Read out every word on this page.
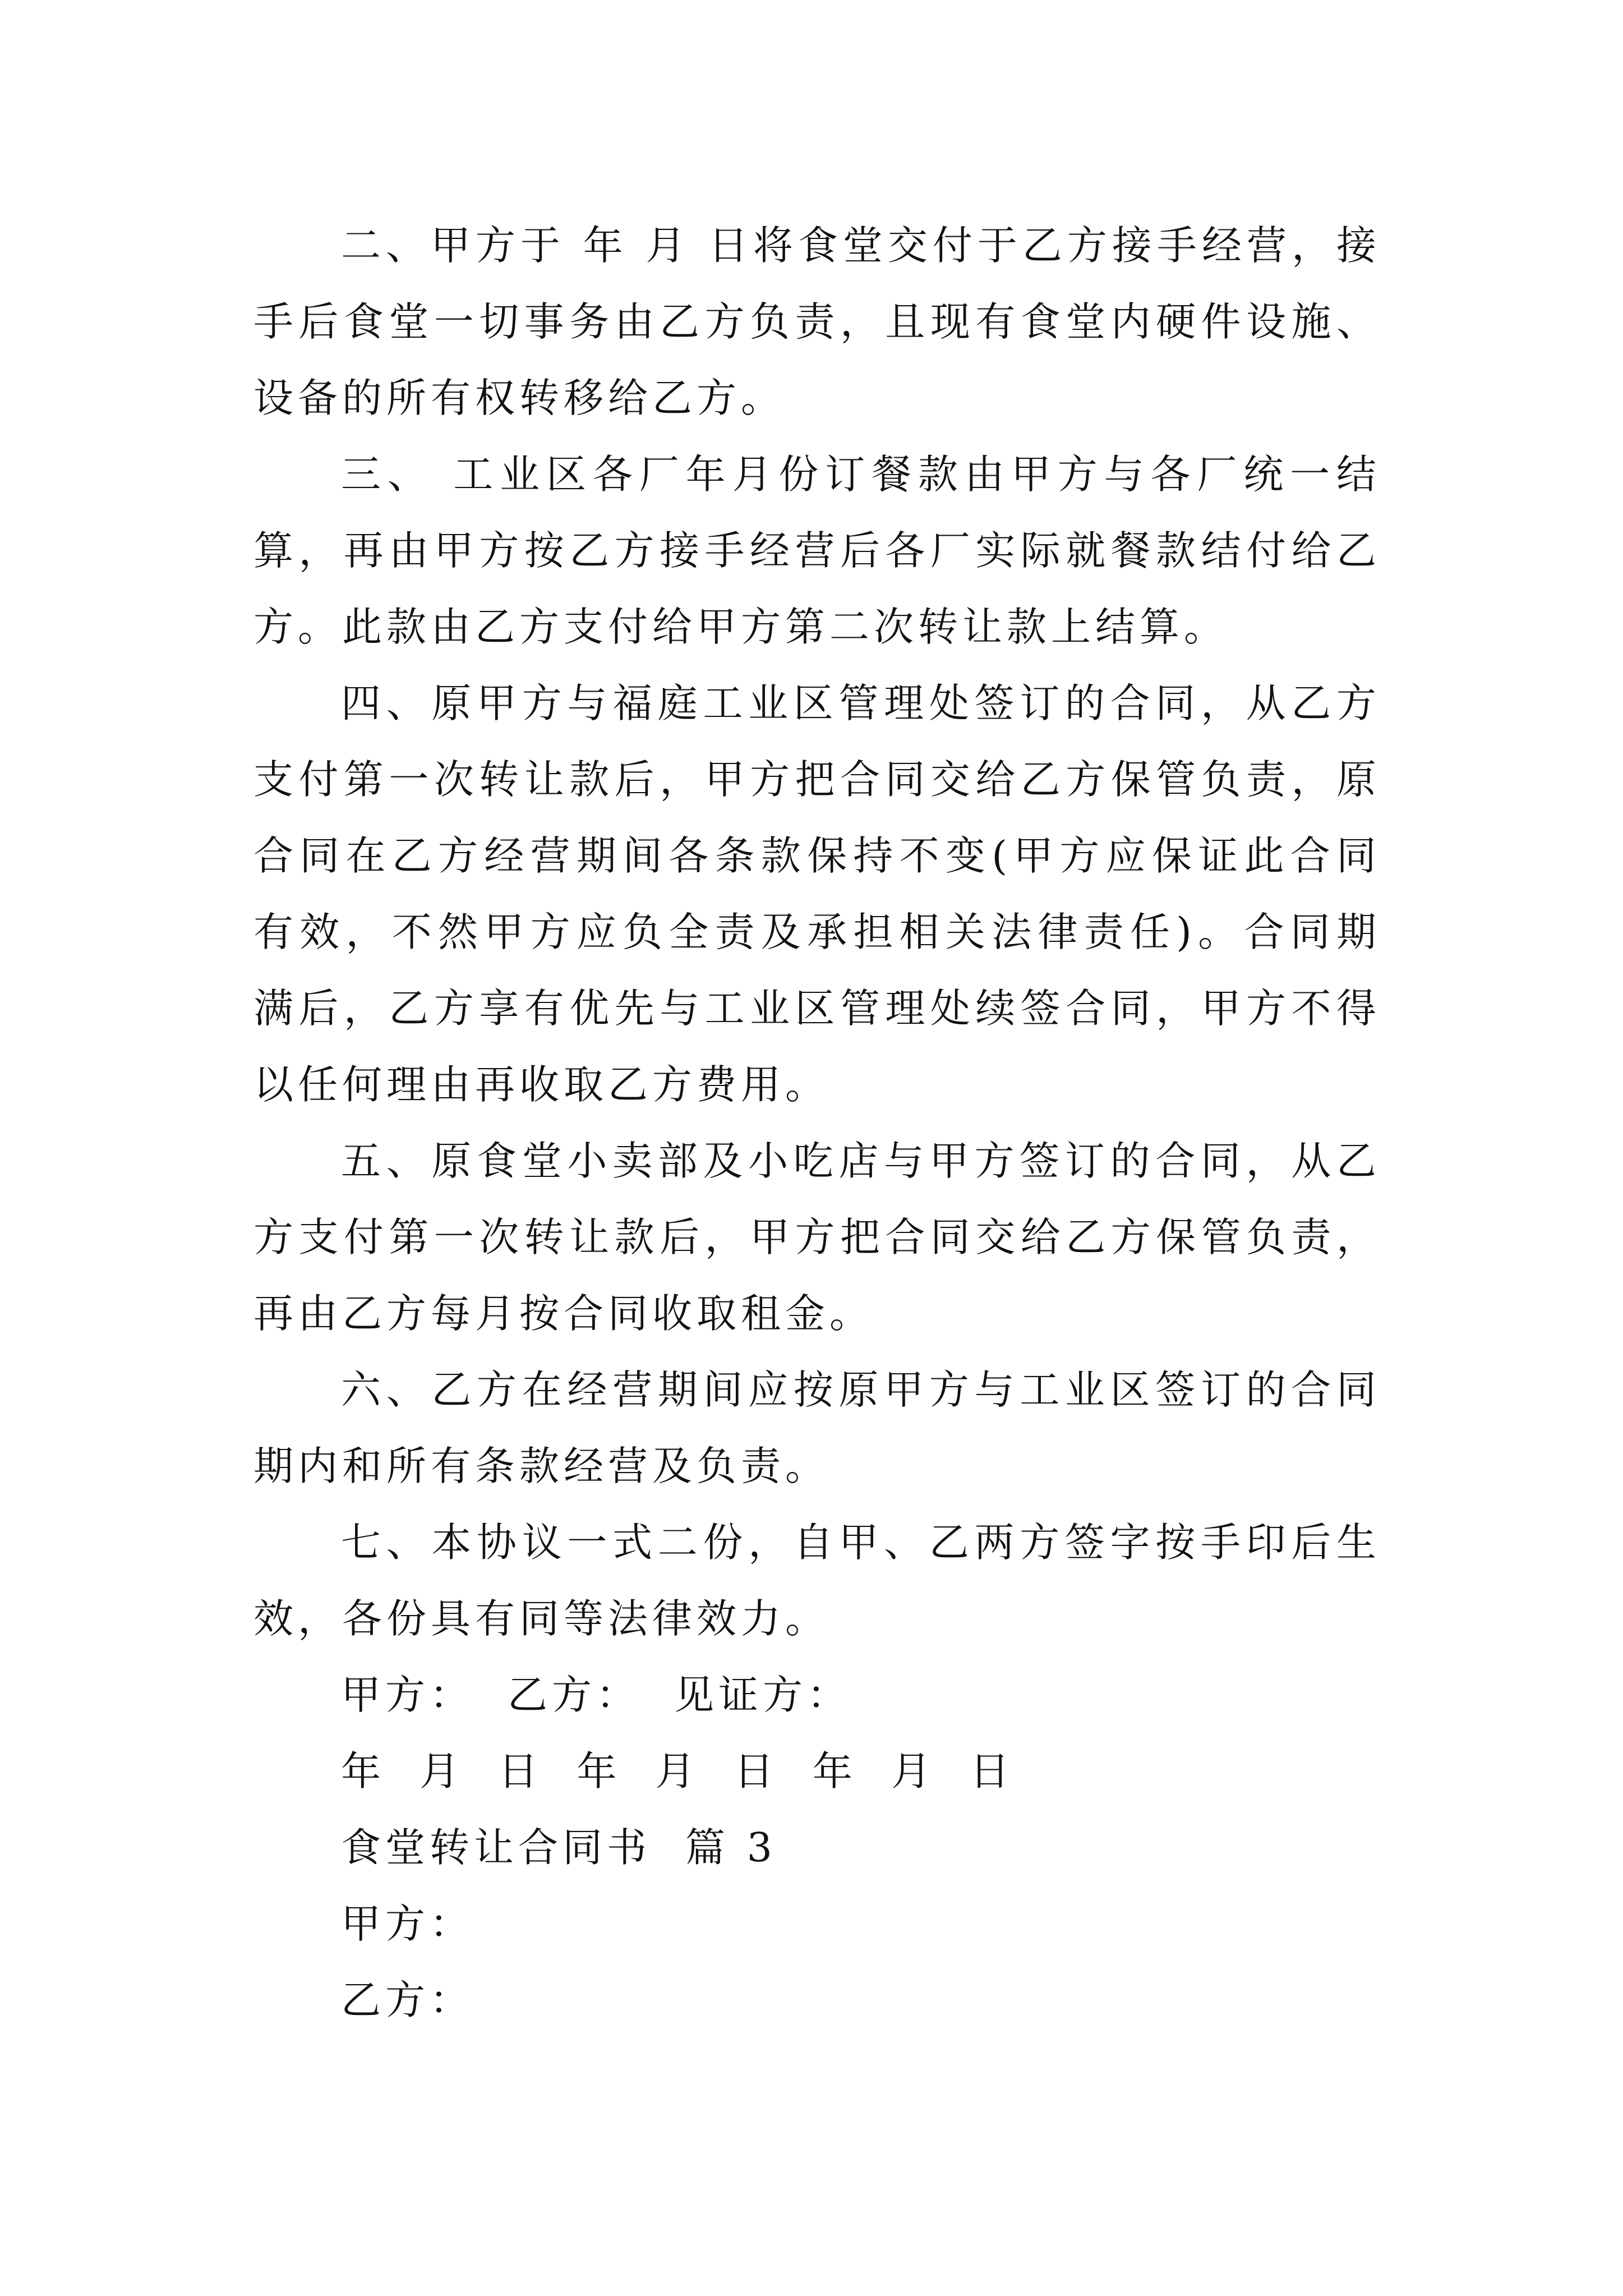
二、甲方于 年 月 日将食堂交付于乙方接手经营，接手后食堂一切事务由乙方负责，且现有食堂内硬件设施、设备的所有权转移给乙方。

三、 工业区各厂年月份订餐款由甲方与各厂统一结算，再由甲方按乙方接手经营后各厂实际就餐款结付给乙方。此款由乙方支付给甲方第二次转让款上结算。

四、原甲方与福庭工业区管理处签订的合同，从乙方支付第一次转让款后，甲方把合同交给乙方保管负责，原合同在乙方经营期间各条款保持不变(甲方应保证此合同有效，不然甲方应负全责及承担相关法律责任)。合同期满后，乙方享有优先与工业区管理处续签合同，甲方不得以任何理由再收取乙方费用。

五、原食堂小卖部及小吃店与甲方签订的合同，从乙方支付第一次转让款后，甲方把合同交给乙方保管负责，再由乙方每月按合同收取租金。

六、乙方在经营期间应按原甲方与工业区签订的合同期内和所有条款经营及负责。

七、本协议一式二份，自甲、乙两方签字按手印后生效，各份具有同等法律效力。

甲方： 乙方： 见证方：
年  月  日  年  月  日  年  月  日
食堂转让合同书  篇 3
甲方：
乙方：
